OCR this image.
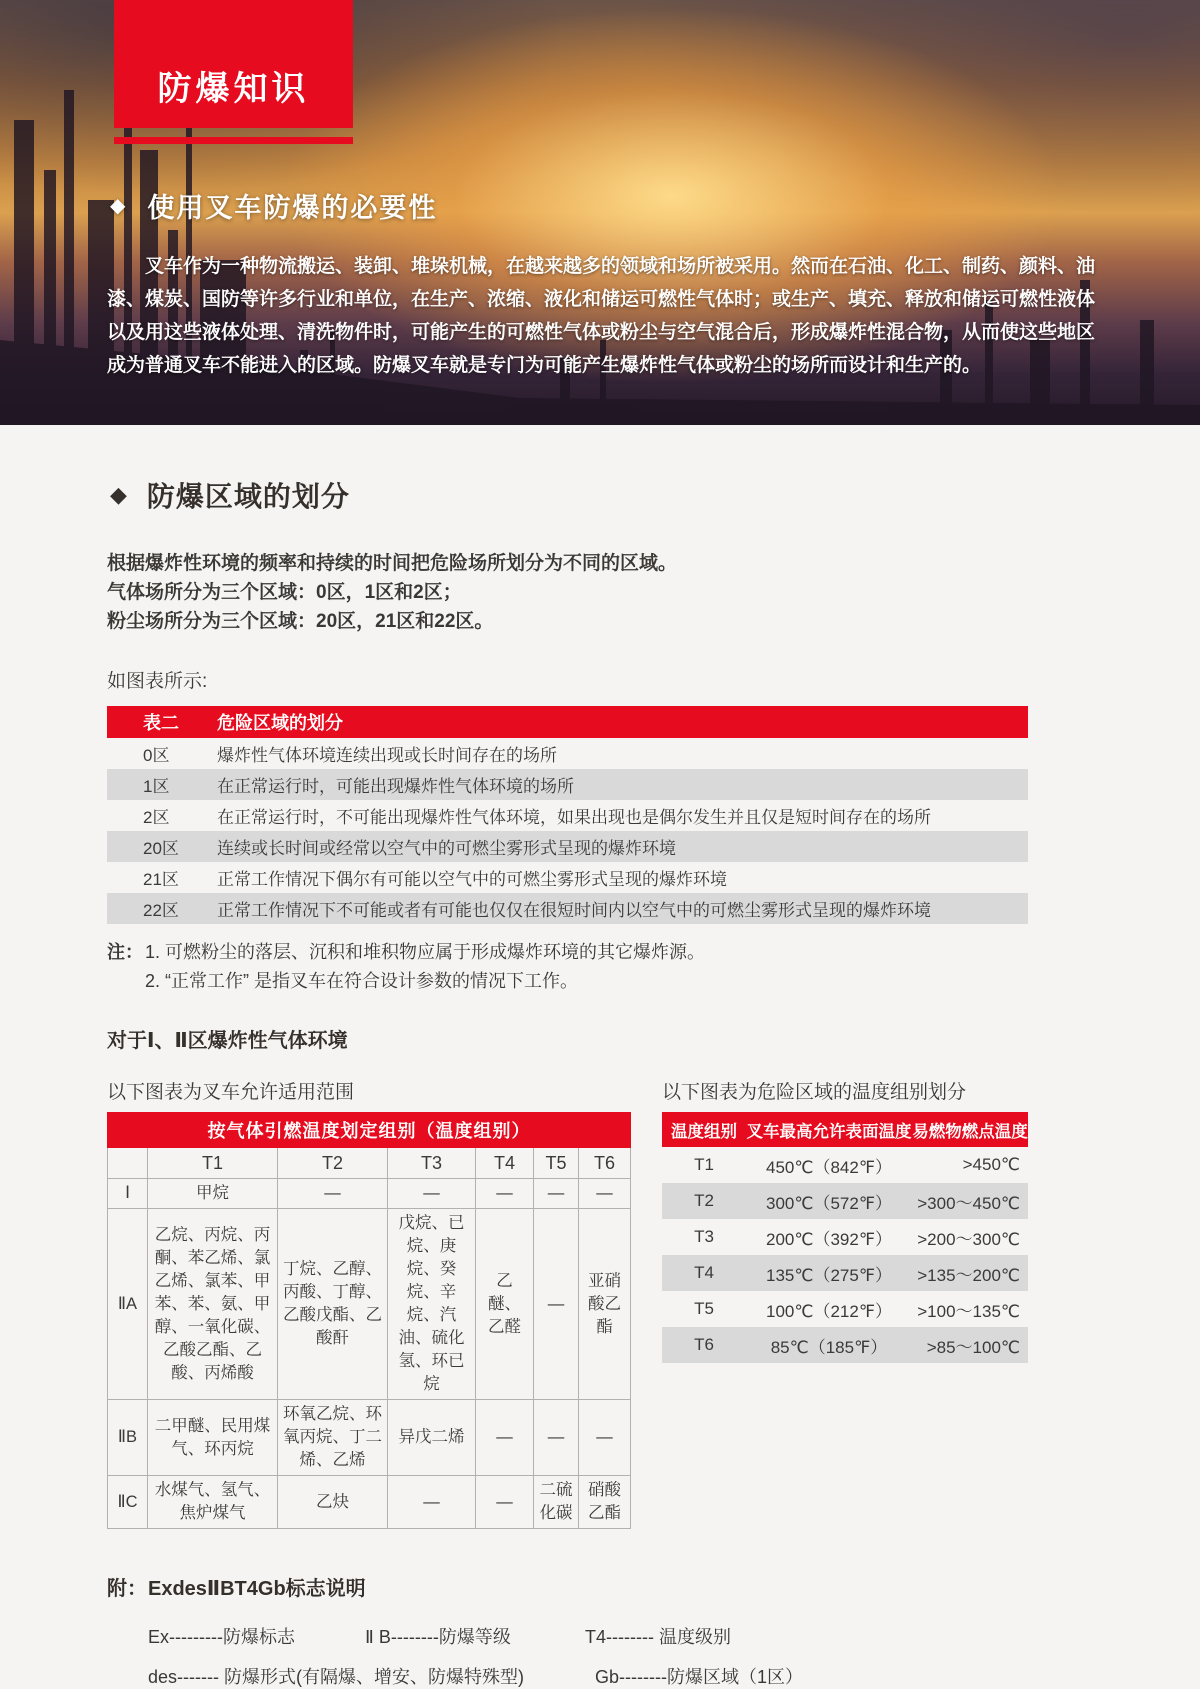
防爆知识
◆ 使用叉车防爆的必要性
叉车作为一种物流搬运、装卸、堆垛机械，在越来越多的领域和场所被采用。然而在石油、化工、制药、颜料、油漆、煤炭、国防等许多行业和单位，在生产、浓缩、液化和储运可燃性气体时；或生产、填充、释放和储运可燃性液体以及用这些液体处理、清洗物件时，可能产生的可燃性气体或粉尘与空气混合后，形成爆炸性混合物，从而使这些地区成为普通叉车不能进入的区域。防爆叉车就是专门为可能产生爆炸性气体或粉尘的场所而设计和生产的。
◆ 防爆区域的划分
根据爆炸性环境的频率和持续的时间把危险场所划分为不同的区域。
气体场所分为三个区域：0区，1区和2区；
粉尘场所分为三个区域：20区，21区和22区。
如图表所示:
表二	危险区域的划分
0区	爆炸性气体环境连续出现或长时间存在的场所
1区	在正常运行时，可能出现爆炸性气体环境的场所
2区	在正常运行时，不可能出现爆炸性气体环境，如果出现也是偶尔发生并且仅是短时间存在的场所
20区	连续或长时间或经常以空气中的可燃尘雾形式呈现的爆炸环境
21区	正常工作情况下偶尔有可能以空气中的可燃尘雾形式呈现的爆炸环境
22区	正常工作情况下不可能或者有可能也仅仅在很短时间内以空气中的可燃尘雾形式呈现的爆炸环境
注： 1. 可燃粉尘的落层、沉积和堆积物应属于形成爆炸环境的其它爆炸源。
2. “正常工作” 是指叉车在符合设计参数的情况下工作。
对于Ⅰ、Ⅱ区爆炸性气体环境
以下图表为叉车允许适用范围
按气体引燃温度划定组别（温度组别）						
	T1	T2	T3	T4	T5	T6
Ⅰ	甲烷	—	—	—	—	—
ⅡA	乙烷、丙烷、丙酮、苯乙烯、氯乙烯、氯苯、甲苯、苯、氨、甲醇、一氧化碳、乙酸乙酯、乙酸、丙烯酸	丁烷、乙醇、丙酸、丁醇、乙酸戊酯、乙酸酐	戊烷、已烷、庚烷、癸烷、辛烷、汽油、硫化氢、环已烷	乙醚、乙醛	—	亚硝酸乙酯
ⅡB	二甲醚、民用煤气、环丙烷	环氧乙烷、环氧丙烷、丁二烯、乙烯	异戊二烯	—	—	—
ⅡC	水煤气、氢气、焦炉煤气	乙炔	—	—	二硫化碳	硝酸乙酯
以下图表为危险区域的温度组别划分
温度组别 叉车最高允许表面温度 易燃物燃点温度
T1	450℃（842℉）	>450℃
T2	300℃（572℉）	>300～450℃
T3	200℃（392℉）	>200～300℃
T4	135℃（275℉）	>135～200℃
T5	100℃（212℉）	>100～135℃
T6	85℃（185℉）	>85～100℃
附： ExdesⅡBT4Gb标志说明
Ex---------防爆标志	Ⅱ B--------防爆等级	T4-------- 温度级别
des------- 防爆形式(有隔爆、增安、防爆特殊型)	Gb--------防爆区域（1区）
